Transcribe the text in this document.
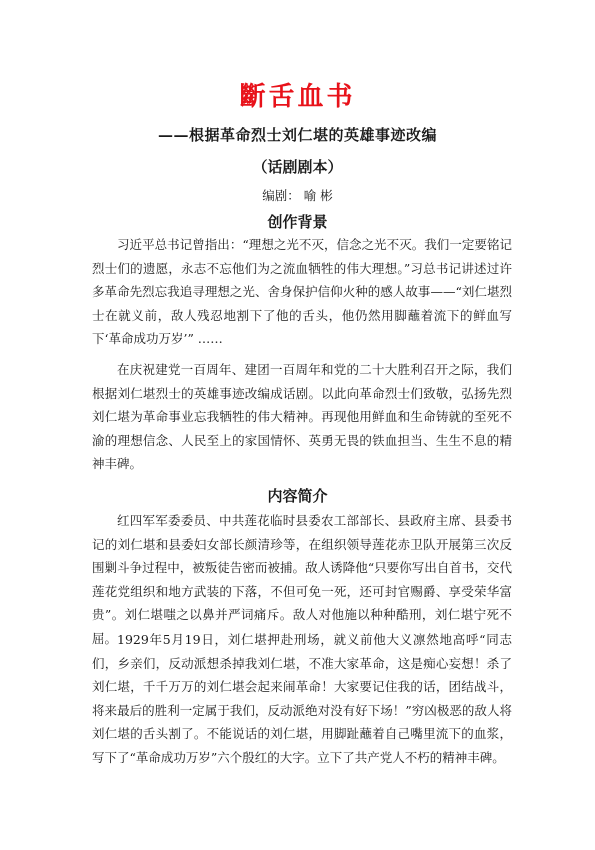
斷舌血书
——根据革命烈士刘仁堪的英雄事迹改编
（话剧剧本）
编剧： 喻 彬
创作背景

习近平总书记曾指出：“理想之光不灭，信念之光不灭。我们一定要铭记烈士们的遗愿，永志不忘他们为之流血牺牲的伟大理想。”习总书记讲述过许多革命先烈忘我追寻理想之光、舍身保护信仰火种的感人故事——“刘仁堪烈士在就义前，敌人残忍地割下了他的舌头，他仍然用脚蘸着流下的鲜血写下‘革命成功万岁’” ……

在庆祝建党一百周年、建团一百周年和党的二十大胜利召开之际，我们根据刘仁堪烈士的英雄事迹改编成话剧。以此向革命烈士们致敬，弘扬先烈刘仁堪为革命事业忘我牺牲的伟大精神。再现他用鲜血和生命铸就的至死不渝的理想信念、人民至上的家国情怀、英勇无畏的铁血担当、生生不息的精神丰碑。

内容简介

红四军军委委员、中共莲花临时县委农工部部长、县政府主席、县委书记的刘仁堪和县委妇女部长颜清珍等，在组织领导莲花赤卫队开展第三次反围剿斗争过程中，被叛徒告密而被捕。敌人诱降他“只要你写出自首书，交代莲花党组织和地方武装的下落，不但可免一死，还可封官赐爵、享受荣华富贵”。刘仁堪嗤之以鼻并严词痛斥。敌人对他施以种种酷刑，刘仁堪宁死不屈。 1929年5月19日，刘仁堪押赴刑场，就义前他大义凛然地高呼“同志们，乡亲们，反动派想杀掉我刘仁堪，不准大家革命，这是痴心妄想！杀了刘仁堪，千千万万的刘仁堪会起来闹革命！大家要记住我的话，团结战斗，将来最后的胜利一定属于我们，反动派绝对没有好下场！”穷凶极恶的敌人将刘仁堪的舌头割了。不能说话的刘仁堪，用脚趾蘸着自己嘴里流下的血浆，写下了“革命成功万岁”六个殷红的大字。立下了共产党人不朽的精神丰碑。
